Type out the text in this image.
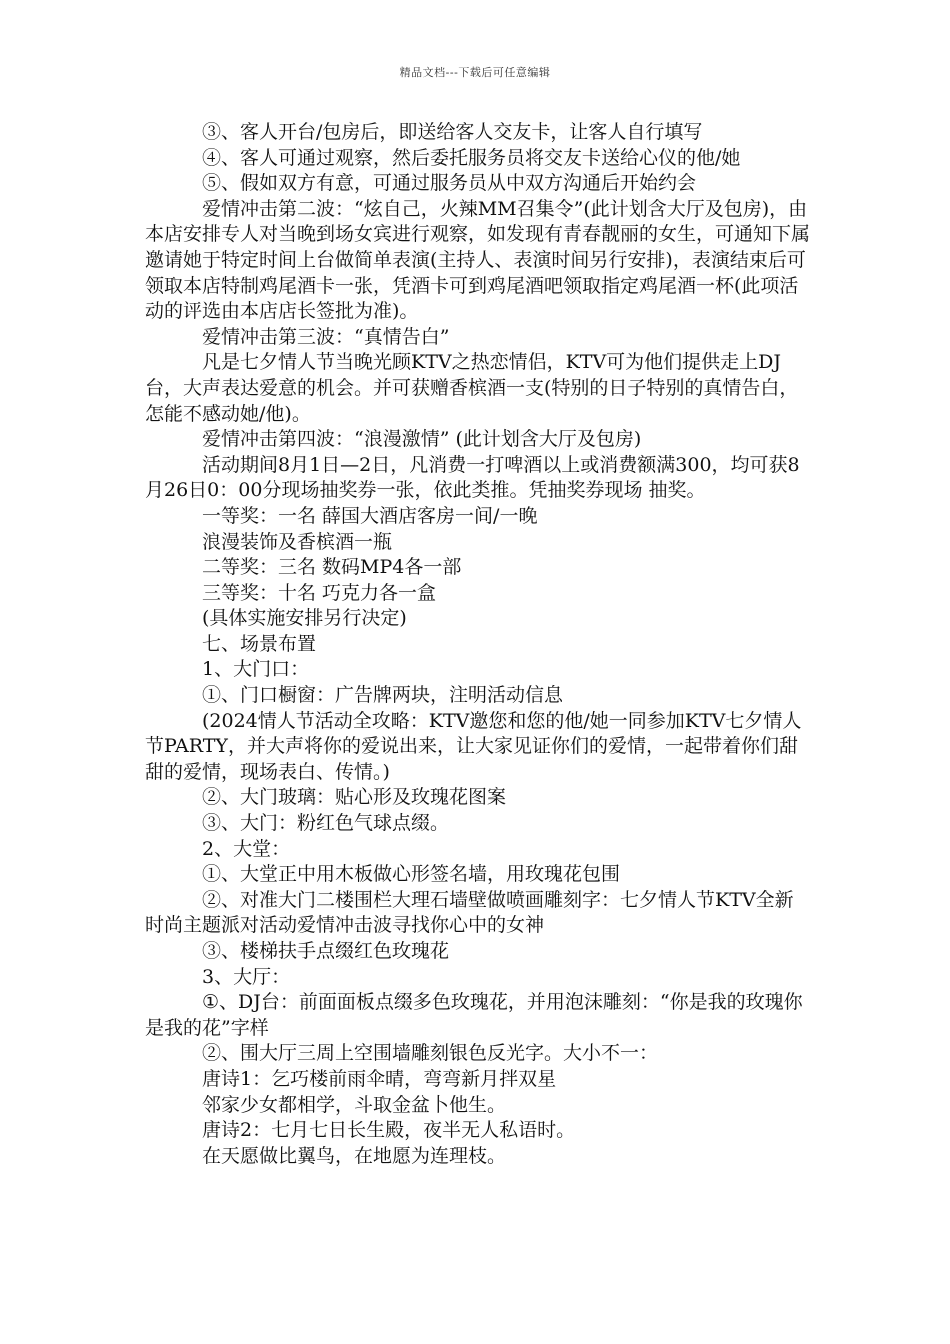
精品文档---下载后可任意编辑

③、客人开台/包房后，即送给客人交友卡，让客人自行填写

④、客人可通过观察，然后委托服务员将交友卡送给心仪的他/她

⑤、假如双方有意，可通过服务员从中双方沟通后开始约会

爱情冲击第二波：“炫自己，火辣MM召集令”(此计划含大厅及包房)，由本店安排专人对当晚到场女宾进行观察，如发现有青春靓丽的女生，可通知下属邀请她于特定时间上台做简单表演(主持人、表演时间另行安排)，表演结束后可领取本店特制鸡尾酒卡一张，凭酒卡可到鸡尾酒吧领取指定鸡尾酒一杯(此项活动的评选由本店店长签批为准)。

爱情冲击第三波：“真情告白”

凡是七夕情人节当晚光顾KTV之热恋情侣，KTV可为他们提供走上DJ台，大声表达爱意的机会。并可获赠香槟酒一支(特别的日子特别的真情告白，怎能不感动她/他)。

爱情冲击第四波：“浪漫激情” (此计划含大厅及包房)

活动期间8月1日—2日，凡消费一打啤酒以上或消费额满300，均可获8月26日0：00分现场抽奖券一张，依此类推。凭抽奖券现场 抽奖。

一等奖：一名 薛国大酒店客房一间/一晚

浪漫装饰及香槟酒一瓶

二等奖：三名 数码MP4各一部

三等奖：十名 巧克力各一盒

(具体实施安排另行决定)

七、场景布置

1、大门口：

①、门口橱窗：广告牌两块，注明活动信息

(2024情人节活动全攻略：KTV邀您和您的他/她一同参加KTV七夕情人节PARTY，并大声将你的爱说出来，让大家见证你们的爱情，一起带着你们甜甜的爱情，现场表白、传情。)

②、大门玻璃：贴心形及玫瑰花图案

③、大门：粉红色气球点缀。

2、大堂：

①、大堂正中用木板做心形签名墙，用玫瑰花包围

②、对准大门二楼围栏大理石墙壁做喷画雕刻字：七夕情人节KTV全新时尚主题派对活动爱情冲击波寻找你心中的女神

③、楼梯扶手点缀红色玫瑰花

3、大厅：

①、DJ台：前面面板点缀多色玫瑰花，并用泡沫雕刻：“你是我的玫瑰你是我的花”字样

②、围大厅三周上空围墙雕刻银色反光字。大小不一：

唐诗1：乞巧楼前雨伞晴，弯弯新月拌双星

邻家少女都相学，斗取金盆卜他生。

唐诗2：七月七日长生殿，夜半无人私语时。

在天愿做比翼鸟，在地愿为连理枝。
